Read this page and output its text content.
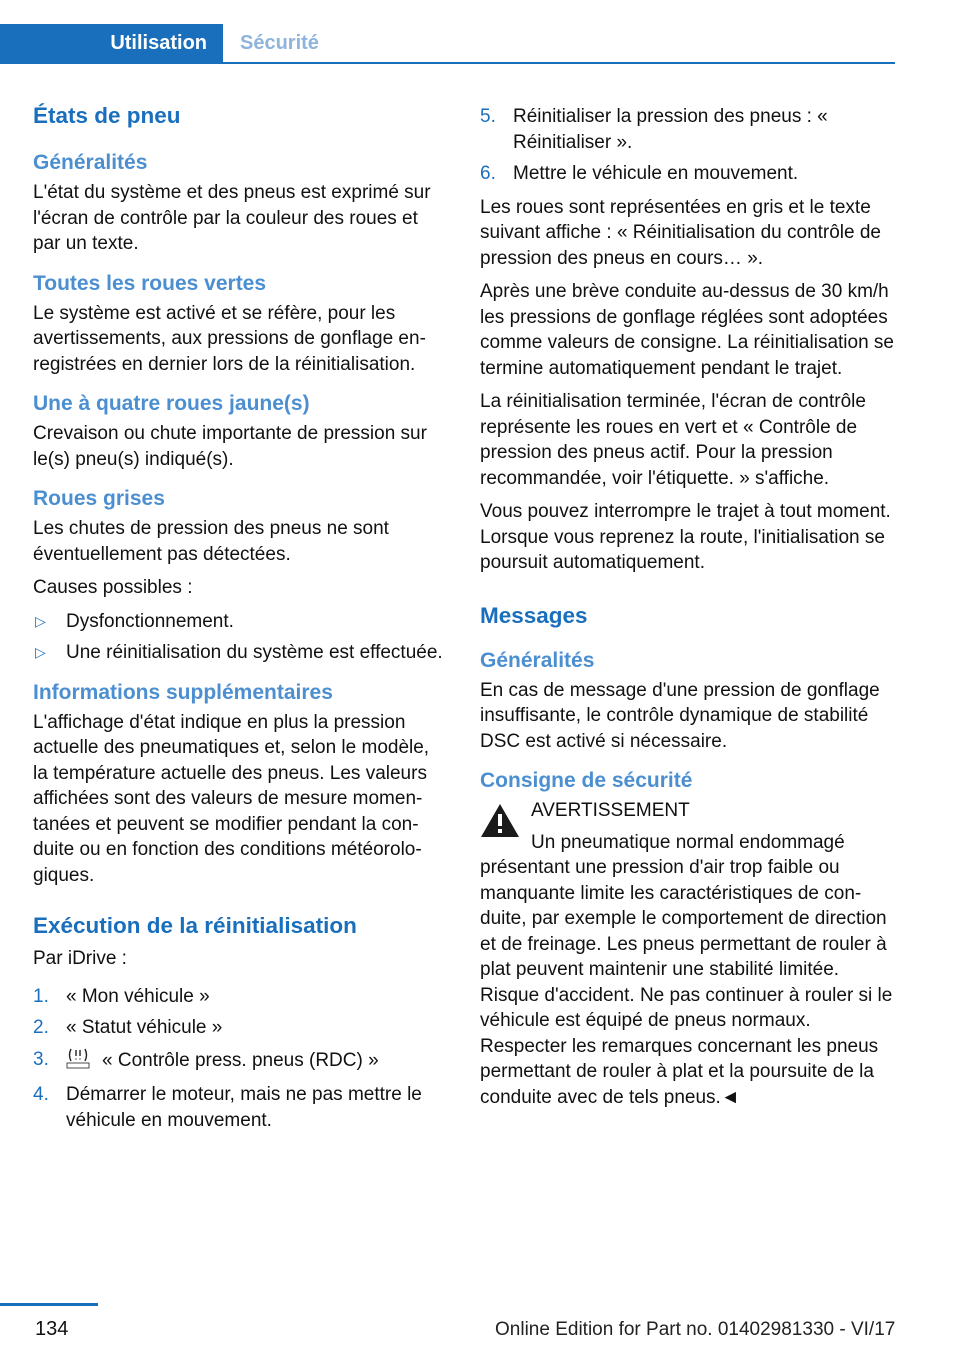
Utilisation	Sécurité
États de pneu
Généralités

L'état du système et des pneus est exprimé sur l'écran de contrôle par la couleur des roues et par un texte.

Toutes les roues vertes

Le système est activé et se réfère, pour les avertissements, aux pressions de gonflage enregistrées en dernier lors de la réinitialisation.

Une à quatre roues jaune(s)

Crevaison ou chute importante de pression sur le(s) pneu(s) indiqué(s).

Roues grises

Les chutes de pression des pneus ne sont éventuellement pas détectées.

Causes possibles :

▷ Dysfonctionnement.
▷ Une réinitialisation du système est effectuée.
Informations supplémentaires

L'affichage d'état indique en plus la pression actuelle des pneumatiques et, selon le modèle, la température actuelle des pneus. Les valeurs affichées sont des valeurs de mesure momentanées et peuvent se modifier pendant la conduite ou en fonction des conditions météorologiques.

Exécution de la réinitialisation

Par iDrive :

1. « Mon véhicule »
2. « Statut véhicule »
3.	« Contrôle press. pneus (RDC) »
4. Démarrer le moteur, mais ne pas mettre le véhicule en mouvement.
5. Réinitialiser la pression des pneus : « Réinitialiser ».
6. Mettre le véhicule en mouvement.

Les roues sont représentées en gris et le texte suivant affiche : « Réinitialisation du contrôle de pression des pneus en cours… ».

Après une brève conduite au-dessus de 30 km/h les pressions de gonflage réglées sont adoptées comme valeurs de consigne. La réinitialisation se termine automatiquement pendant le trajet.

La réinitialisation terminée, l'écran de contrôle représente les roues en vert et « Contrôle de pression des pneus actif. Pour la pression recommandée, voir l'étiquette. » s'affiche.

Vous pouvez interrompre le trajet à tout moment. Lorsque vous reprenez la route, l'initialisation se poursuit automatiquement.

Messages
Généralités

En cas de message d'une pression de gonflage insuffisante, le contrôle dynamique de stabilité DSC est activé si nécessaire.

Consigne de sécurité
AVERTISSEMENT
Un pneumatique normal endommagé
présentant une pression d'air trop faible ou manquante limite les caractéristiques de conduite, par exemple le comportement de direction et de freinage. Les pneus permettant de rouler à plat peuvent maintenir une stabilité limitée. Risque d'accident. Ne pas continuer à rouler si le véhicule est équipé de pneus normaux. Respecter les remarques concernant les pneus permettant de rouler à plat et la poursuite de la conduite avec de tels pneus.◄
134	Online Edition for Part no. 01402981330 - VI/17
